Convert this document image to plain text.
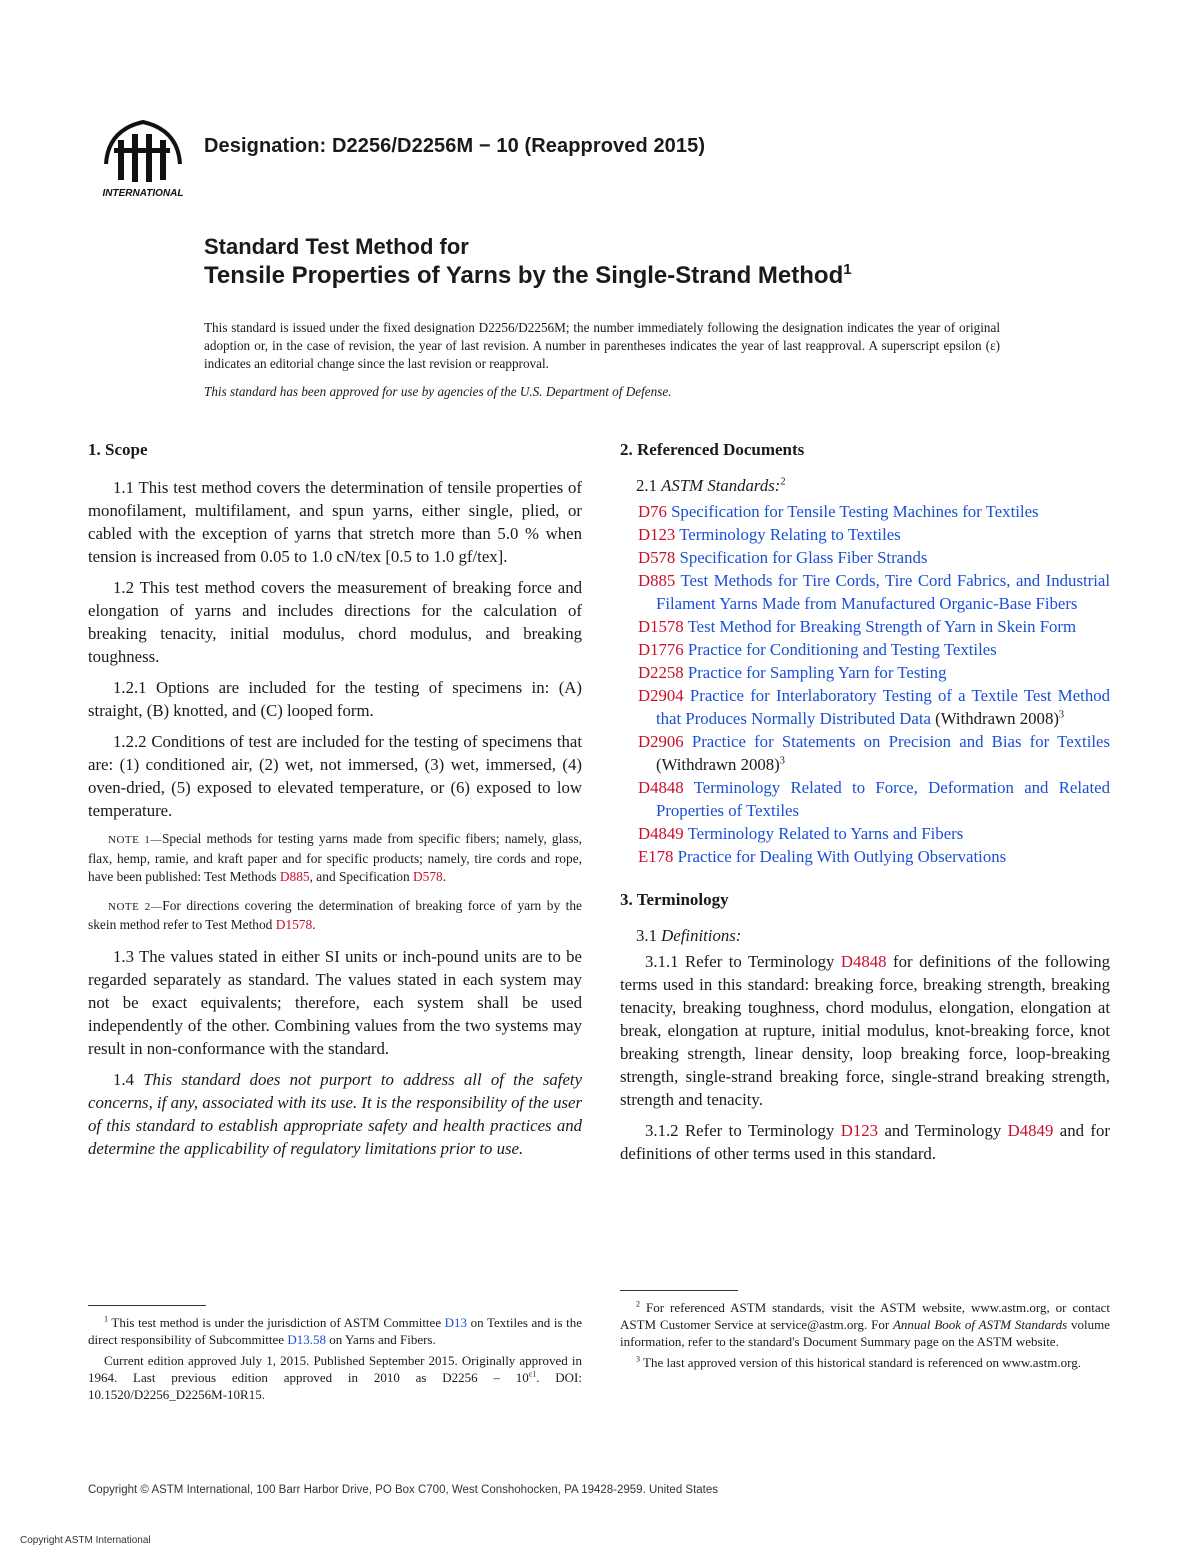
INTERNATIONAL
Designation: D2256/D2256M − 10 (Reapproved 2015)
Standard Test Method for
Tensile Properties of Yarns by the Single-Strand Method$^1$
This standard is issued under the fixed designation D2256/D2256M; the number immediately following the designation indicates the year of original adoption or, in the case of revision, the year of last revision. A number in parentheses indicates the year of last reapproval. A superscript epsilon (ε) indicates an editorial change since the last revision or reapproval.
This standard has been approved for use by agencies of the U.S. Department of Defense.
1. Scope

1.1 This test method covers the determination of tensile properties of monofilament, multifilament, and spun yarns, either single, plied, or cabled with the exception of yarns that stretch more than 5.0 % when tension is increased from 0.05 to 1.0 cN/tex [0.5 to 1.0 gf/tex].

1.2 This test method covers the measurement of breaking force and elongation of yarns and includes directions for the calculation of breaking tenacity, initial modulus, chord modulus, and breaking toughness.

1.2.1 Options are included for the testing of specimens in: (A) straight, (B) knotted, and (C) looped form.

1.2.2 Conditions of test are included for the testing of specimens that are: (1) conditioned air, (2) wet, not immersed, (3) wet, immersed, (4) oven-dried, (5) exposed to elevated temperature, or (6) exposed to low temperature.

NOTE 1—Special methods for testing yarns made from specific fibers; namely, glass, flax, hemp, ramie, and kraft paper and for specific products; namely, tire cords and rope, have been published: Test Methods D885, and Specification D578.

NOTE 2—For directions covering the determination of breaking force of yarn by the skein method refer to Test Method D1578.

1.3 The values stated in either SI units or inch-pound units are to be regarded separately as standard. The values stated in each system may not be exact equivalents; therefore, each system shall be used independently of the other. Combining values from the two systems may result in non-conformance with the standard.

1.4 This standard does not purport to address all of the safety concerns, if any, associated with its use. It is the responsibility of the user of this standard to establish appropriate safety and health practices and determine the applicability of regulatory limitations prior to use.

$^1$ This test method is under the jurisdiction of ASTM Committee D13 on Textiles and is the direct responsibility of Subcommittee D13.58 on Yarns and Fibers.

Current edition approved July 1, 2015. Published September 2015. Originally approved in 1964. Last previous edition approved in 2010 as $D2256 - 10^{\varepsilon 1}$. DOI: 10.1520/D2256_D2256M-10R15.

2. Referenced Documents
2.1 ASTM Standards:$^2$
D76 Specification for Tensile Testing Machines for Textiles
D123 Terminology Relating to Textiles
D578 Specification for Glass Fiber Strands
D885 Test Methods for Tire Cords, Tire Cord Fabrics, and Industrial Filament Yarns Made from Manufactured Organic-Base Fibers
D1578 Test Method for Breaking Strength of Yarn in Skein Form
D1776 Practice for Conditioning and Testing Textiles
D2258 Practice for Sampling Yarn for Testing
D2904 Practice for Interlaboratory Testing of a Textile Test Method that Produces Normally Distributed Data (Withdrawn 2008)$^3$
D2906 Practice for Statements on Precision and Bias for Textiles (Withdrawn 2008)$^3$
D4848 Terminology Related to Force, Deformation and Related Properties of Textiles
D4849 Terminology Related to Yarns and Fibers
E178 Practice for Dealing With Outlying Observations
3. Terminology
3.1 Definitions:

3.1.1 Refer to Terminology D4848 for definitions of the following terms used in this standard: breaking force, breaking strength, breaking tenacity, breaking toughness, chord modulus, elongation, elongation at break, elongation at rupture, initial modulus, knot-breaking force, knot breaking strength, linear density, loop breaking force, loop-breaking strength, single-strand breaking force, single-strand breaking strength, strength and tenacity.

3.1.2 Refer to Terminology D123 and Terminology D4849 and for definitions of other terms used in this standard.

$^2$ For referenced ASTM standards, visit the ASTM website, www.astm.org, or contact ASTM Customer Service at service@astm.org. For Annual Book of ASTM Standards volume information, refer to the standard's Document Summary page on the ASTM website.

$^3$ The last approved version of this historical standard is referenced on www.astm.org.

Copyright © ASTM International, 100 Barr Harbor Drive, PO Box C700, West Conshohocken, PA 19428-2959. United States
Copyright ASTM International
